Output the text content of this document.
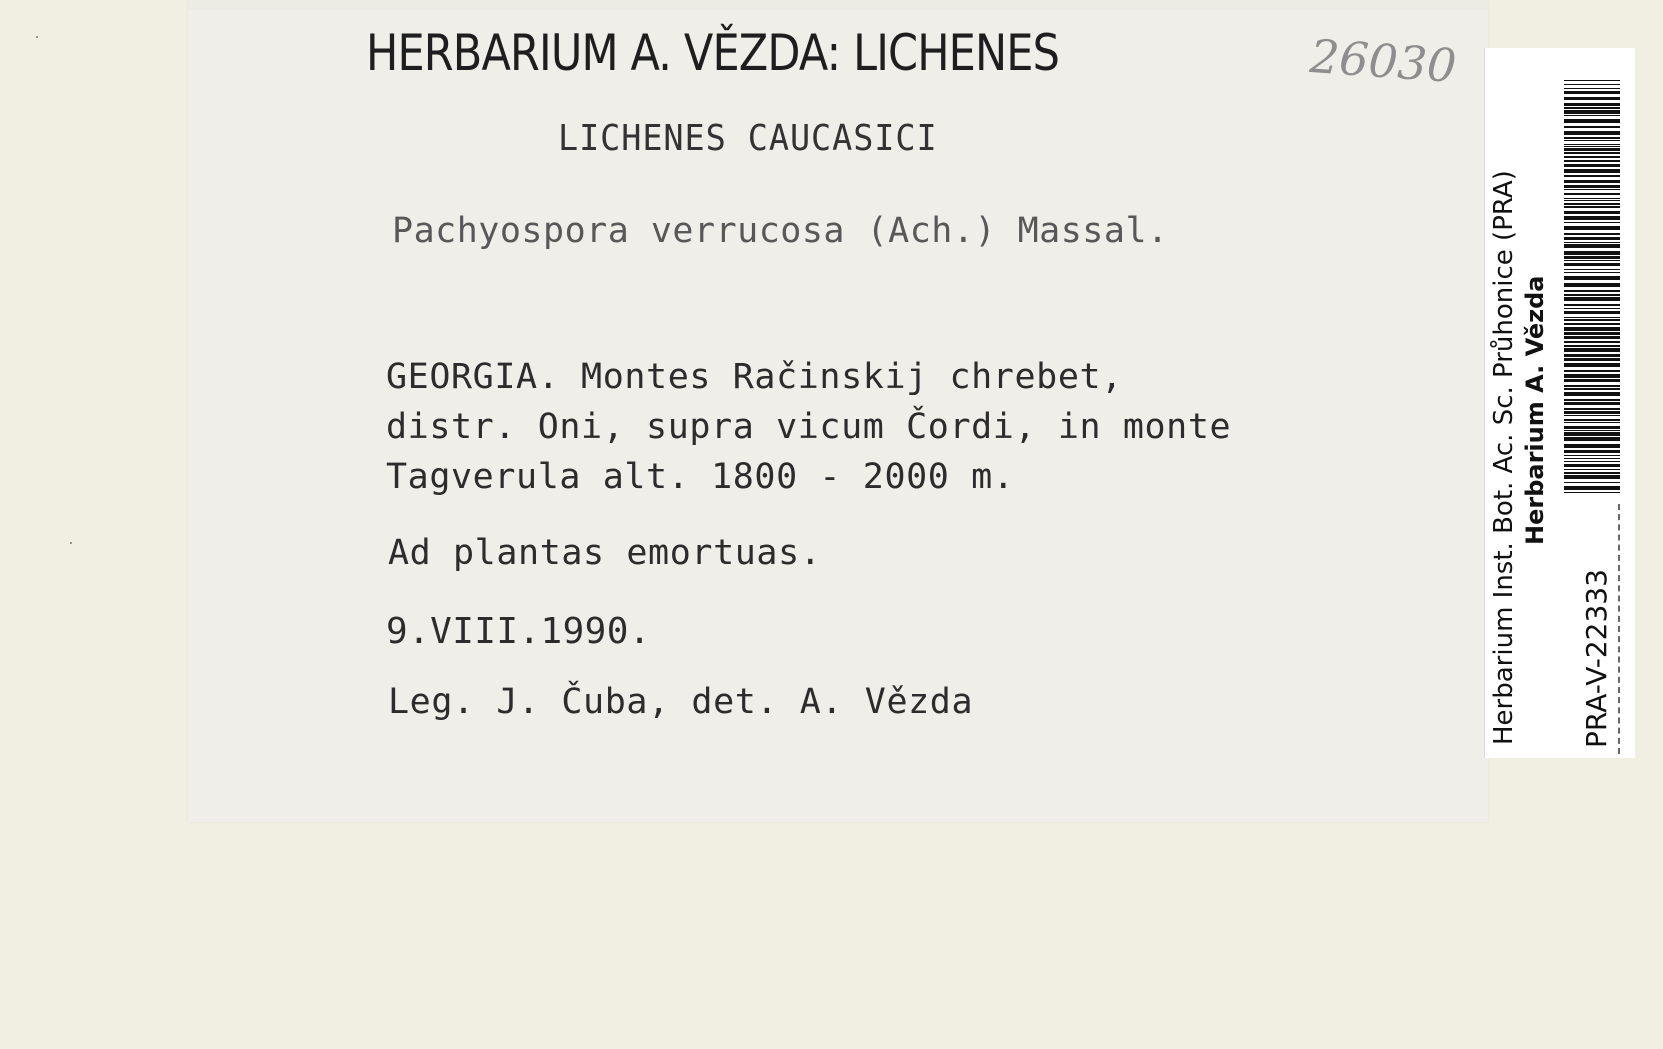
HERBARIUM A. VĚZDA: LICHENES	26030
LICHENES CAUCASICI
Pachyospora verrucosa (Ach.) Massal.
GEORGIA. Montes Račinskij chrebet,
distr. Oni, supra vicum Čordi, in monte
Tagverula alt. 1800 - 2000 m.
Ad plantas emortuas.
9.VIII.1990.
Leg. J. Čuba, det. A. Vězda	Herbarium Inst. Bot. Ac. Sc. Průhonice (PRA) Herbarium A. Vězda
PRA-V-22333
